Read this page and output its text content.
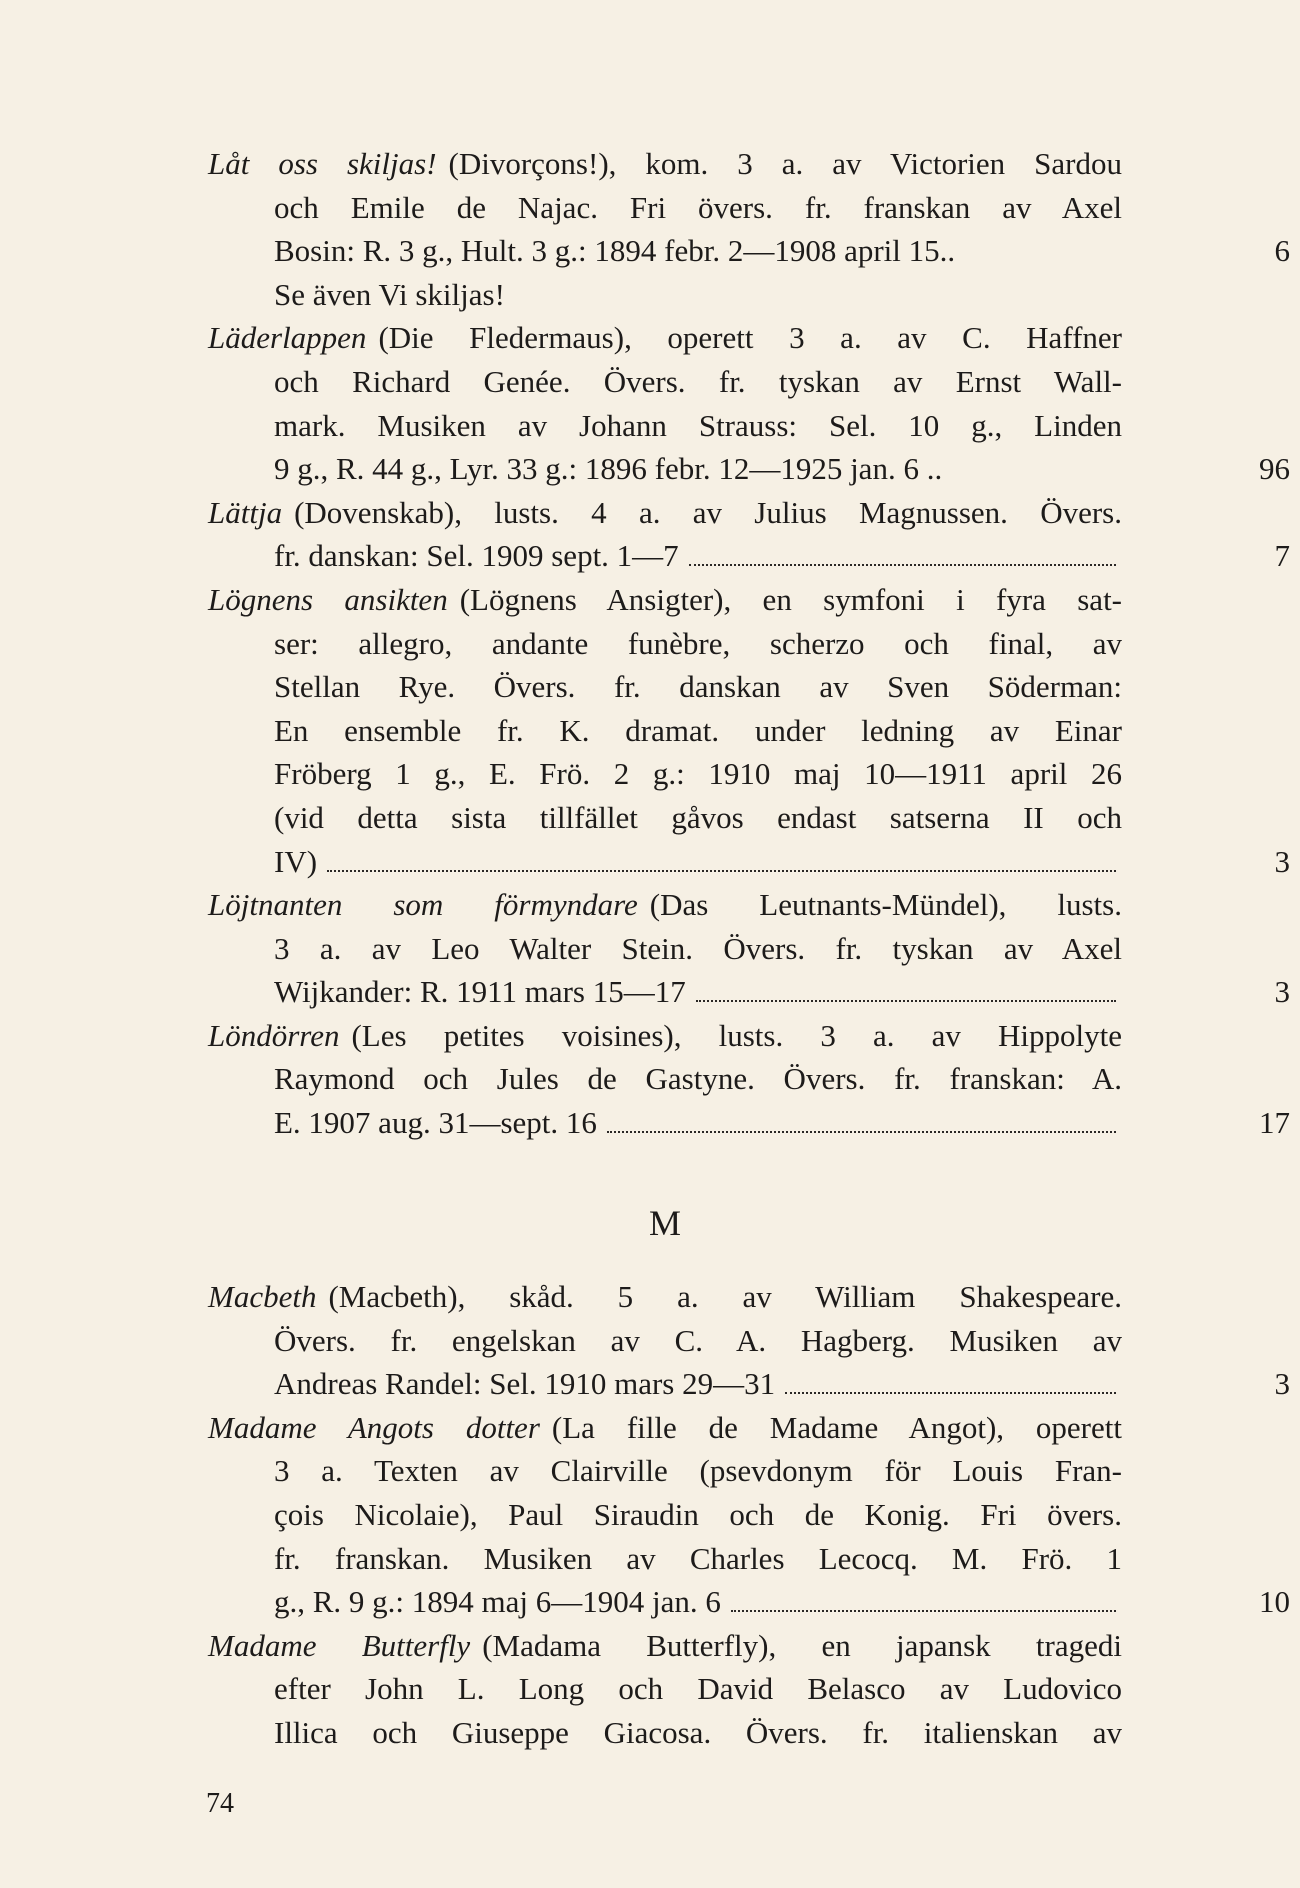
Låt oss skiljas! (Divorçons!), kom. 3 a. av Victorien Sardou
och Emile de Najac. Fri övers. fr. franskan av Axel
Bosin: R. 3 g., Hult. 3 g.: 1894 febr. 2—1908 april 15..	6
Se även Vi skiljas!
Läderlappen (Die Fledermaus), operett 3 a. av C. Haffner
och Richard Genée. Övers. fr. tyskan av Ernst Wall-
mark. Musiken av Johann Strauss: Sel. 10 g., Linden
9 g., R. 44 g., Lyr. 33 g.: 1896 febr. 12—1925 jan. 6 ..	96
Lättja (Dovenskab), lusts. 4 a. av Julius Magnussen. Övers.
fr. danskan: Sel. 1909 sept. 1—7	7
Lögnens ansikten (Lögnens Ansigter), en symfoni i fyra sat-
ser: allegro, andante funèbre, scherzo och final, av
Stellan Rye. Övers. fr. danskan av Sven Söderman:
En ensemble fr. K. dramat. under ledning av Einar
Fröberg 1 g., E. Frö. 2 g.: 1910 maj 10—1911 april 26
(vid detta sista tillfället gåvos endast satserna II och
IV)	3
Löjtnanten som förmyndare (Das Leutnants-Mündel), lusts.
3 a. av Leo Walter Stein. Övers. fr. tyskan av Axel
Wijkander: R. 1911 mars 15—17	3
Löndörren (Les petites voisines), lusts. 3 a. av Hippolyte
Raymond och Jules de Gastyne. Övers. fr. franskan: A.
E. 1907 aug. 31—sept. 16	17
M
Macbeth (Macbeth), skåd. 5 a. av William Shakespeare.
Övers. fr. engelskan av C. A. Hagberg. Musiken av
Andreas Randel: Sel. 1910 mars 29—31	3
Madame Angots dotter (La fille de Madame Angot), operett
3 a. Texten av Clairville (psevdonym för Louis Fran-
çois Nicolaie), Paul Siraudin och de Konig. Fri övers.
fr. franskan. Musiken av Charles Lecocq. M. Frö. 1
g., R. 9 g.: 1894 maj 6—1904 jan. 6	10
Madame Butterfly (Madama Butterfly), en japansk tragedi
efter John L. Long och David Belasco av Ludovico
Illica och Giuseppe Giacosa. Övers. fr. italienskan av
74
